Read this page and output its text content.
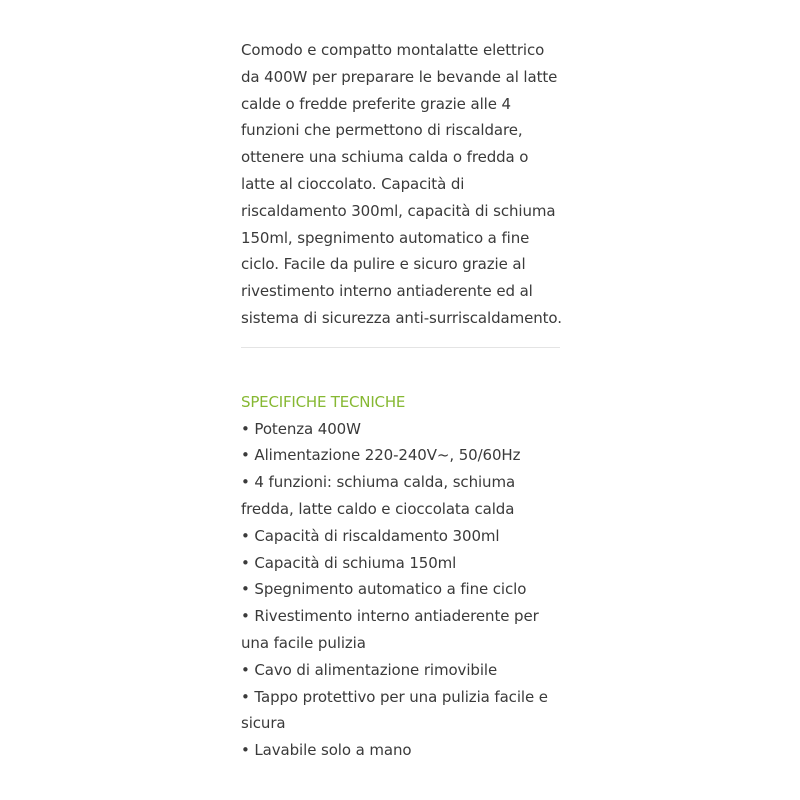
Comodo e compatto montalatte elettrico da 400W per preparare le bevande al latte calde o fredde preferite grazie alle 4 funzioni che permettono di riscaldare, ottenere una schiuma calda o fredda o latte al cioccolato. Capacità di riscaldamento 300ml, capacità di schiuma 150ml, spegnimento automatico a fine ciclo. Facile da pulire e sicuro grazie al rivestimento interno antiaderente ed al sistema di sicurezza anti-surriscaldamento.

SPECIFICHE TECNICHE
• Potenza 400W
• Alimentazione 220-240V~, 50/60Hz
• 4 funzioni: schiuma calda, schiuma fredda, latte caldo e cioccolata calda
• Capacità di riscaldamento 300ml
• Capacità di schiuma 150ml
• Spegnimento automatico a fine ciclo
• Rivestimento interno antiaderente per una facile pulizia
• Cavo di alimentazione rimovibile
• Tappo protettivo per una pulizia facile e sicura
• Lavabile solo a mano
